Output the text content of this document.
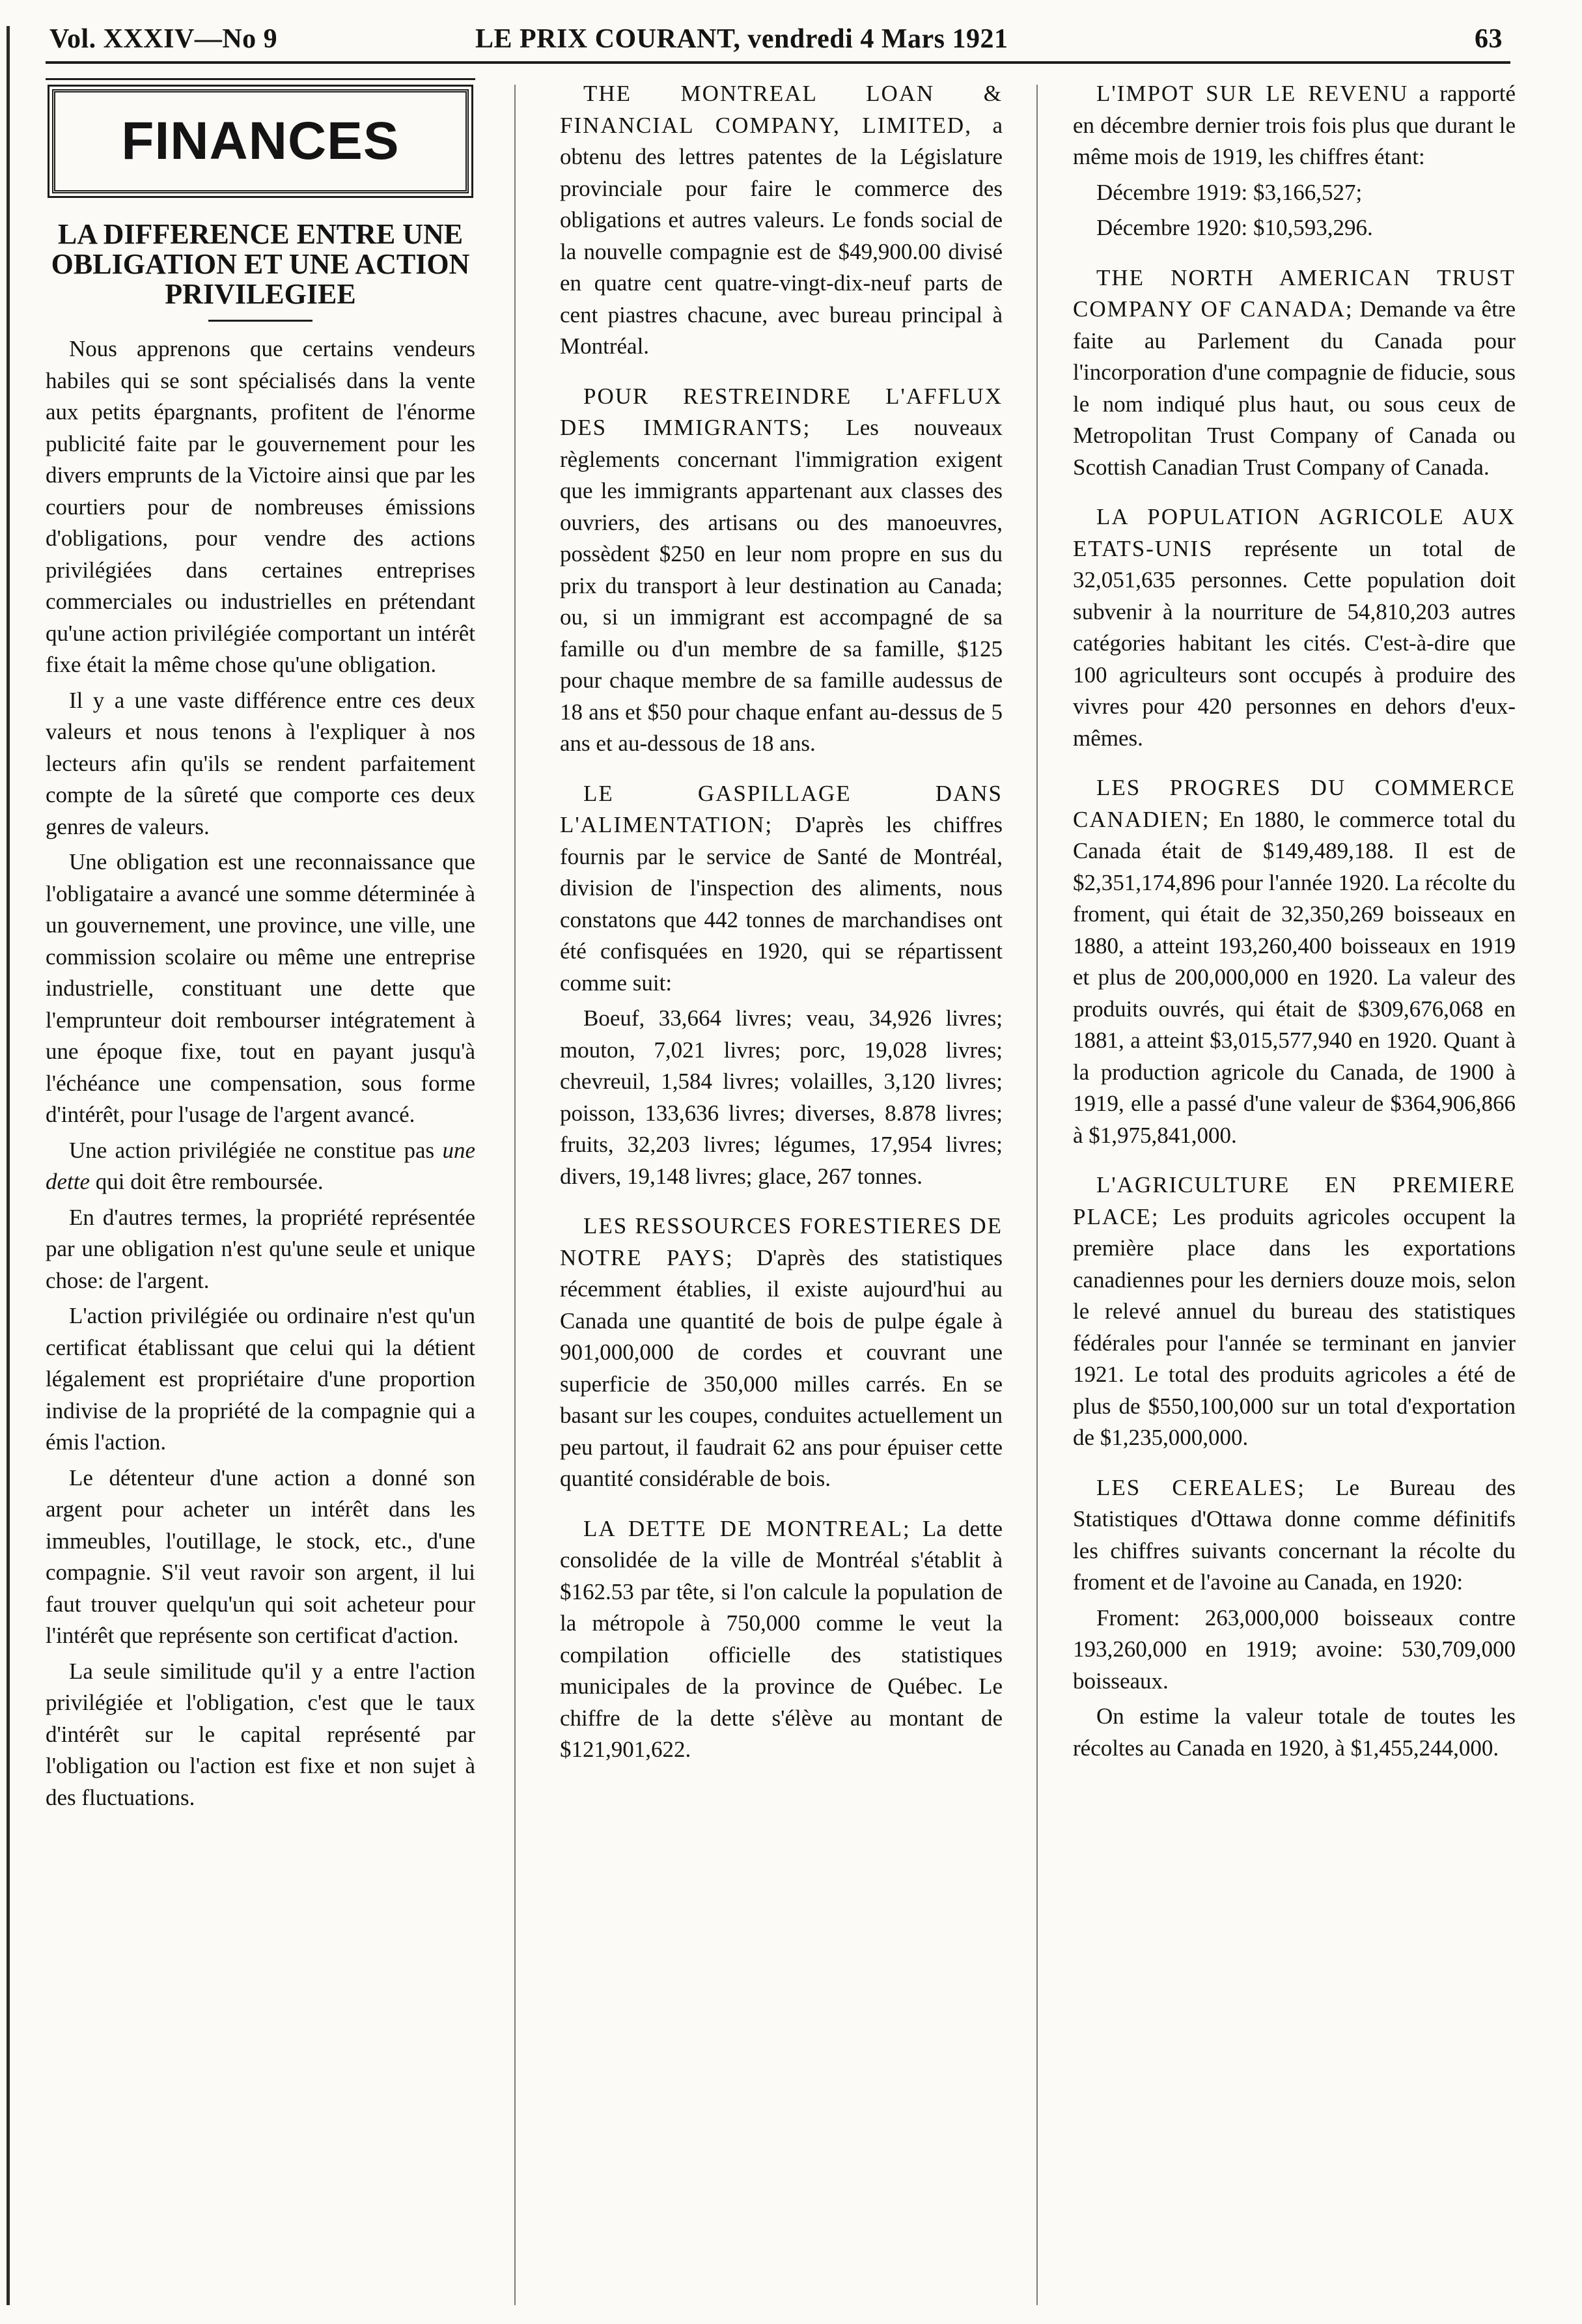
Vol. XXXIV—No 9	LE PRIX COURANT, vendredi 4 Mars 1921	63
FINANCES
LA DIFFERENCE ENTRE UNE OBLIGATION ET UNE ACTION PRIVILEGIEE

Nous apprenons que certains vendeurs habiles qui se sont spécialisés dans la vente aux petits épargnants, profitent de l'énorme publicité faite par le gouvernement pour les divers emprunts de la Victoire ainsi que par les courtiers pour de nombreuses émissions d'obligations, pour vendre des actions privilégiées dans certaines entreprises commerciales ou industrielles en prétendant qu'une action privilégiée comportant un intérêt fixe était la même chose qu'une obligation.

Il y a une vaste différence entre ces deux valeurs et nous tenons à l'expliquer à nos lecteurs afin qu'ils se rendent parfaitement compte de la sûreté que comporte ces deux genres de valeurs.

Une obligation est une reconnaissance que l'obligataire a avancé une somme déterminée à un gouvernement, une province, une ville, une commission scolaire ou même une entreprise industrielle, constituant une dette que l'emprunteur doit rembourser intégratement à une époque fixe, tout en payant jusqu'à l'échéance une compensation, sous forme d'intérêt, pour l'usage de l'argent avancé.

Une action privilégiée ne constitue pas une dette qui doit être remboursée.

En d'autres termes, la propriété représentée par une obligation n'est qu'une seule et unique chose: de l'argent.

L'action privilégiée ou ordinaire n'est qu'un certificat établissant que celui qui la détient légalement est propriétaire d'une proportion indivise de la propriété de la compagnie qui a émis l'action.

Le détenteur d'une action a donné son argent pour acheter un intérêt dans les immeubles, l'outillage, le stock, etc., d'une compagnie. S'il veut ravoir son argent, il lui faut trouver quelqu'un qui soit acheteur pour l'intérêt que représente son certificat d'action.

La seule similitude qu'il y a entre l'action privilégiée et l'obligation, c'est que le taux d'intérêt sur le capital représenté par l'obligation ou l'action est fixe et non sujet à des fluctuations.

THE MONTREAL LOAN & FINANCIAL COMPANY, LIMITED, a obtenu des lettres patentes de la Législature provinciale pour faire le commerce des obligations et autres valeurs. Le fonds social de la nouvelle compagnie est de $49,900.00 divisé en quatre cent quatre-vingt-dix-neuf parts de cent piastres chacune, avec bureau principal à Montréal.

POUR RESTREINDRE L'AFFLUX DES IMMIGRANTS; Les nouveaux règlements concernant l'immigration exigent que les immigrants appartenant aux classes des ouvriers, des artisans ou des manoeuvres, possèdent $250 en leur nom propre en sus du prix du transport à leur destination au Canada; ou, si un immigrant est accompagné de sa famille ou d'un membre de sa famille, $125 pour chaque membre de sa famille audessus de 18 ans et $50 pour chaque enfant au-dessus de 5 ans et au-dessous de 18 ans.

LE GASPILLAGE DANS L'ALIMENTATION; D'après les chiffres fournis par le service de Santé de Montréal, division de l'inspection des aliments, nous constatons que 442 tonnes de marchandises ont été confisquées en 1920, qui se répartissent comme suit:

Boeuf, 33,664 livres; veau, 34,926 livres; mouton, 7,021 livres; porc, 19,028 livres; chevreuil, 1,584 livres; volailles, 3,120 livres; poisson, 133,636 livres; diverses, 8.878 livres; fruits, 32,203 livres; légumes, 17,954 livres; divers, 19,148 livres; glace, 267 tonnes.

LES RESSOURCES FORESTIERES DE NOTRE PAYS; D'après des statistiques récemment établies, il existe aujourd'hui au Canada une quantité de bois de pulpe égale à 901,000,000 de cordes et couvrant une superficie de 350,000 milles carrés. En se basant sur les coupes, conduites actuellement un peu partout, il faudrait 62 ans pour épuiser cette quantité considérable de bois.

LA DETTE DE MONTREAL; La dette consolidée de la ville de Montréal s'établit à $162.53 par tête, si l'on calcule la population de la métropole à 750,000 comme le veut la compilation officielle des statistiques municipales de la province de Québec. Le chiffre de la dette s'élève au montant de $121,901,622.

L'IMPOT SUR LE REVENU a rapporté en décembre dernier trois fois plus que durant le même mois de 1919, les chiffres étant:

Décembre 1919: $3,166,527;

Décembre 1920: $10,593,296.

THE NORTH AMERICAN TRUST COMPANY OF CANADA; Demande va être faite au Parlement du Canada pour l'incorporation d'une compagnie de fiducie, sous le nom indiqué plus haut, ou sous ceux de Metropolitan Trust Company of Canada ou Scottish Canadian Trust Company of Canada.

LA POPULATION AGRICOLE AUX ETATS-UNIS représente un total de 32,051,635 personnes. Cette population doit subvenir à la nourriture de 54,810,203 autres catégories habitant les cités. C'est-à-dire que 100 agriculteurs sont occupés à produire des vivres pour 420 personnes en dehors d'eux-mêmes.

LES PROGRES DU COMMERCE CANADIEN; En 1880, le commerce total du Canada était de $149,489,188. Il est de $2,351,174,896 pour l'année 1920. La récolte du froment, qui était de 32,350,269 boisseaux en 1880, a atteint 193,260,400 boisseaux en 1919 et plus de 200,000,000 en 1920. La valeur des produits ouvrés, qui était de $309,676,068 en 1881, a atteint $3,015,577,940 en 1920. Quant à la production agricole du Canada, de 1900 à 1919, elle a passé d'une valeur de $364,906,866 à $1,975,841,000.

L'AGRICULTURE EN PREMIERE PLACE; Les produits agricoles occupent la première place dans les exportations canadiennes pour les derniers douze mois, selon le relevé annuel du bureau des statistiques fédérales pour l'année se terminant en janvier 1921. Le total des produits agricoles a été de plus de $550,100,000 sur un total d'exportation de $1,235,000,000.

LES CEREALES; Le Bureau des Statistiques d'Ottawa donne comme définitifs les chiffres suivants concernant la récolte du froment et de l'avoine au Canada, en 1920:

Froment: 263,000,000 boisseaux contre 193,260,000 en 1919; avoine: 530,709,000 boisseaux.

On estime la valeur totale de toutes les récoltes au Canada en 1920, à $1,455,244,000.
